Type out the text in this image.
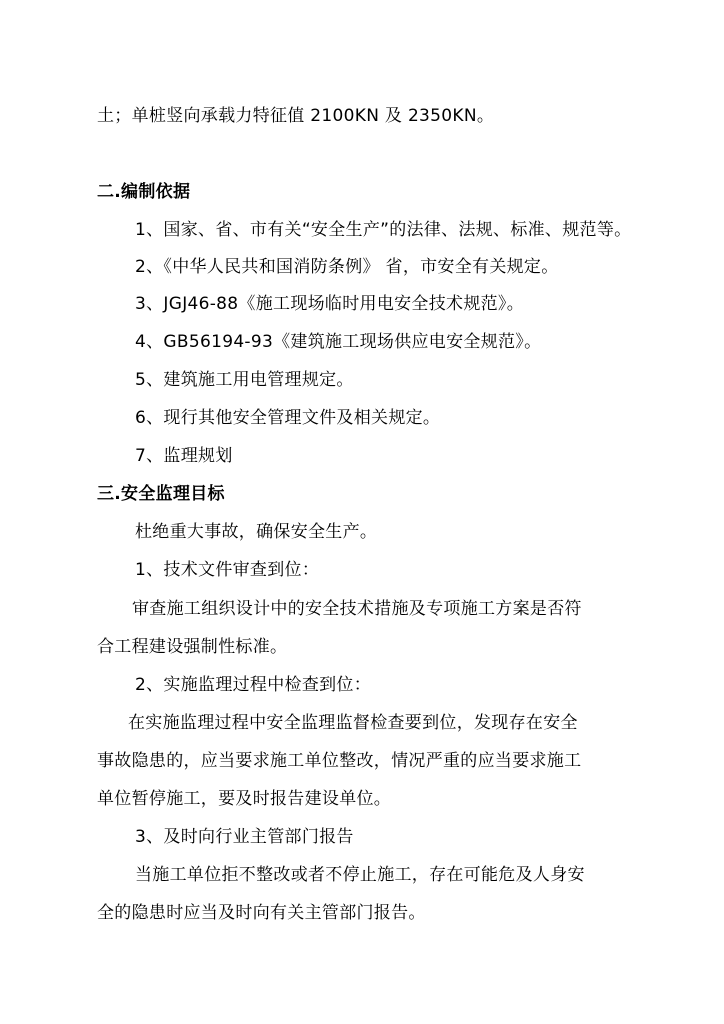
土；单桩竖向承载力特征值 2100KN 及 2350KN。
二.编制依据
1、国家、省、市有关“安全生产”的法律、法规、标准、规范等。
2、《中华人民共和国消防条例》 省，市安全有关规定。
3、JGJ46-88《施工现场临时用电安全技术规范》。
4、GB56194-93《建筑施工现场供应电安全规范》。
5、建筑施工用电管理规定。
6、现行其他安全管理文件及相关规定。
7、监理规划
三.安全监理目标
杜绝重大事故，确保安全生产。
1、技术文件审查到位：
审查施工组织设计中的安全技术措施及专项施工方案是否符
合工程建设强制性标准。
2、实施监理过程中检查到位：
在实施监理过程中安全监理监督检查要到位，发现存在安全
事故隐患的，应当要求施工单位整改，情况严重的应当要求施工
单位暂停施工，要及时报告建设单位。
3、及时向行业主管部门报告
当施工单位拒不整改或者不停止施工，存在可能危及人身安
全的隐患时应当及时向有关主管部门报告。
